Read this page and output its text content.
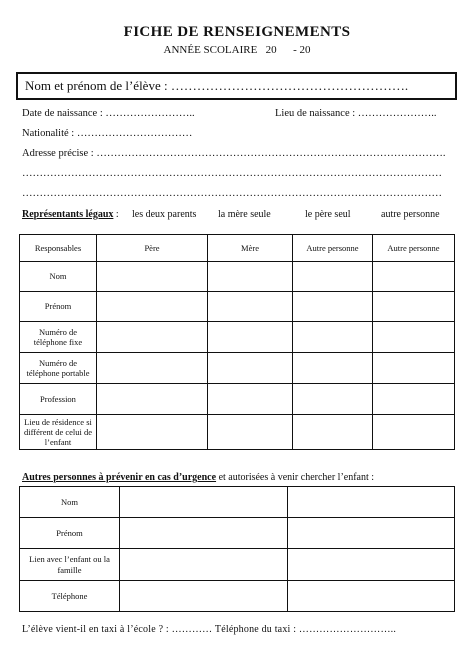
FICHE DE RENSEIGNEMENTS
ANNÉE SCOLAIRE   20      - 20
Nom et prénom de l’élève : ……………………………………………….
Date de naissance : ……………………..	Lieu de naissance : …………………..
Nationalité : ……………………………
Adresse précise : ……………………………………………………………………………………….
…………………………………………………………………………………………………………
…………………………………………………………………………………………………………
Représentants légaux : les deux parents la mère seule	le père seul	autre personne
Responsables	Père	Mère	Autre personne	Autre personne
Nom				
Prénom				
Numéro de téléphone fixe				
Numéro de téléphone portable				
Profession				
Lieu de résidence si différent de celui de l’enfant				
Autres personnes à prévenir en cas d’urgence et autorisées à venir chercher l’enfant :
Nom		
Prénom		
Lien avec l’enfant ou la famille		
Téléphone		
L’élève vient-il en taxi à l’école ? : ………… Téléphone du taxi : ………………………..
